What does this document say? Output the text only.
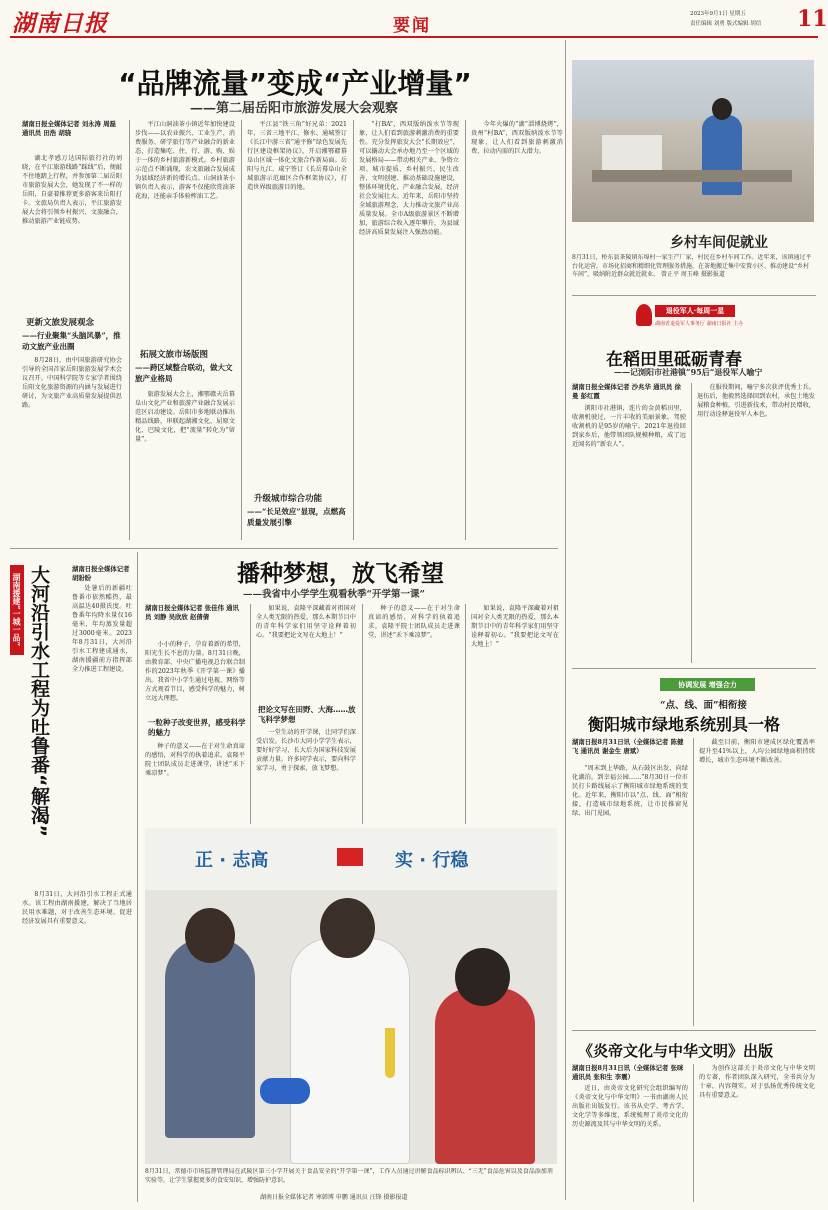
湖南日报	要闻
2023年9月1日 星期五
责任编辑 刘勇 版式编辑 胡信 11
“品牌流量”变成“产业增量”
——第二届岳阳市旅游发展大会观察
湖南日报全媒体记者 刘永涛 周磊 通讯员 田浩 胡骁

湖北孝感万达国际旅行社的刘晓，在平江旅游线路“踩线”后，便敲不住地踏上行程，并参加第二届岳阳市旅游发展大会，她发现了不一样的岳阳，自豪着推荐更多游客来岳阳打卡。文旅局负责人表示，平江旅游发展大会将引领乡村振兴、文旅融合，推动旅游产业链成势。

更新文旅发展观念
——行业聚集“头脑风暴”，推动文旅产业出圈

8月28日，由中国旅游研究协会引导的全国首家岳阳旅游发展学术会议召开。中国科学院等专家学者围绕岳阳文化旅游资源的内涵与发展进行研讨，为文旅产业高质量发展提供思路。

平江山洞油茶小镇近年加快建设步伐——以农业振兴、工业生产、消费服务、研学旅行等产业融合的新业态，打造集吃、住、行、游、购、娱于一体的乡村旅游新模式。乡村旅游示范点不断涌现，农文旅融合发展成为县域经济新的增长点。山洞油茶小镇负责人表示，游客不仅能欣赏油茶花海，还能亲手体验榨油工艺。

拓展文旅市场版图
——跨区域整合联动，做大文旅产业格局

旅游发展大会上，湘鄂赣天岳幕阜山文化产业和旅游产业融合发展示范区启动建设。岳阳市多地联动推出精品线路，串联起湖湘文化、屈原文化、巴陵文化，把“流量”转化为“留量”。

平江县“铁三角”好兄弟：2021年，三省三地平江、修水、通城签订《长江中游三省“通平修”绿色发展先行区建设框架协议》，开启湘鄂赣幕阜山区域一体化文旅合作新局面。岳阳与九江、咸宁签订《长岳幕阜山全域旅游示范廊区合作框架协议》，打造世界级旅游目的地。

升级城市综合功能
——“长足效应”显现，点燃高质量发展引擎

“打BA”，西双版纳泼水节等现象，让人们看到旅游刺激消费的重要性。充分发挥旅发大会“长期效应”，可以撬动大会承办地乃至一个区域的发展格局——带动相关产业、争资立项、城市提质、乡村振兴、民生改善、文明创建、推动基础设施建设，整体环境优化、产业融合发展、经济社会发展壮大。近年来，岳阳市坚持全域旅游理念，大力推动文旅产业高质量发展。全市A级旅游景区不断增加，旅游综合收入逐年攀升，为县域经济高质量发展注入强劲动能。

今年火爆的“湖“淄博烧烤”，贵州“村BA”，西双版纳泼水节等现象，让人们看到旅游刺激消费、拉动内需的巨大潜力。

乡村车间促就业
8月31日，桥东县茶陵镇东埠村一家生产厂家，村民在乡村车间工作。近年来，该镇通过平台化运营，市场化招商和精细化管理服务措施，在茶地搬迁集中安置小区、推动建设“乡村车间”，吸纳附近群众就近就业。 曾正平 周玉峰 摄影报道
退役军人·每周一星
湖南省退役军人事务厅 湖南日报社 主办
在稻田里砥砺青春
——记浏阳市社港镇“95后”退役军人喻宁
湖南日报全媒体记者 沙兆华 通讯员 徐曼 彭红霞

浏阳市社港镇，连片的金黄稻田里，收割机驶过，一片丰收的美丽景象。驾驶收割机的是95岁的喻宁。2021年退役回到家乡后，他带领团队规模种粮，成了远近闻名的“新农人”。

在服役期间，喻宁多次获评优秀士兵。退伍后，他毅然选择回到农村，承包土地发展粮食种植，引进新技术，带动村民增收，用行动诠释退役军人本色。

协调发展 增强合力
“点、线、面”相衔接
衡阳城市绿地系统别具一格
湖南日报8月31日讯（全媒体记者 陈健飞 通讯员 谢金生 唐斌）

“周末到上华路、从石鼓区出发，向绿化湖泊，到幸福公园……”8月30日一位市民打卡路线展示了衡阳城市绿地系统的变化。近年来，衡阳市以“点、线、面”相衔接，打造城市绿地系统，让市民推窗见绿、出门见园。

截至目前，衡阳市建成区绿化覆盖率提升至41%以上，人均公园绿地面积持续增长，城市生态环境不断改善。

湖南援建“一城一品” 大河沿引水工程为吐鲁番“解渴”	湖南日报全媒体记者 胡盼盼

处暑后的新疆吐鲁番市依然酷热，最高温达40摄氏度。吐鲁番年均降水量仅16毫米，年均蒸发量超过3000毫米。2023年8月31日，大河沿引水工程建成通水，湖南援疆前方指挥部全力推进工程建设。

8月31日，大河沿引水工程正式通水。该工程由湖南援建，解决了当地居民用水难题，对于改善生态环境、促进经济发展具有重要意义。

播种梦想，放飞希望
——我省中小学学生观看秋季“开学第一课”
湖南日报全媒体记者 张佳伟 通讯员 刘静 吴欣欣 赵倩倩

小小的种子，孕育着新的希望，阳光生长不息的力量。8月31日晚，由教育部、中央广播电视总台联合制作的2023年秋季《开学第一课》播出。我省中小学生通过电视、网络等方式观看节目，感受科学的魅力，树立远大理想。

一粒种子改变世界，感受科学的魅力

种子的意义——在于对生命真谛的感悟，对科学的执着追求。袁隆平院士团队成员走进课堂，讲述“禾下乘凉梦”。

如果说，袁隆平深藏着对祖国对全人类无限的热爱，那么本期节目中的青年科学家们用坚守诠释着初心。“我要把论文写在大地上！”

把论文写在田野、大海……放飞科学梦想

一堂生动的开学课，让同学们深受启发。长沙市大同小学学生表示，要好好学习，长大后为国家科技发展贡献力量。许多同学表示，要向科学家学习，勇于探索，放飞梦想。

种子的意义——在于对生命真谛的感悟，对科学的执着追求。袁隆平院士团队成员走进课堂，讲述“禾下乘凉梦”。

如果说，袁隆平深藏着对祖国对全人类无限的热爱，那么本期节目中的青年科学家们用坚守诠释着初心。“我要把论文写在大地上！”

正 · 志高	实 · 行稳
8月31日，常德市市场监督管理局在武陵区第三小学开展关于食品安全的“开学第一课”，工作人员通过讲解食品标识辨认、“三无”食品危害以及食品添加剂实验等，让学生掌握更多的食安知识，增强防护意识。
湖南日报全媒体记者 寒韩博 申鹏 通讯员 汪锋 摄影报道
《炎帝文化与中华文明》出版
湖南日报8月31日讯（全媒体记者 张咪 通讯员 张和生 李震）

近日，由炎帝文化研究会组织编写的《炎帝文化与中华文明》一书由湖南人民出版社出版发行。该书从史学、考古学、文化学等多维度，系统梳理了炎帝文化的历史源流及其与中华文明的关系。

为创作这部关于炎帝文化与中华文明的专著，作者团队深入研究，全书共分为十章，内容翔实，对于弘扬优秀传统文化具有重要意义。
